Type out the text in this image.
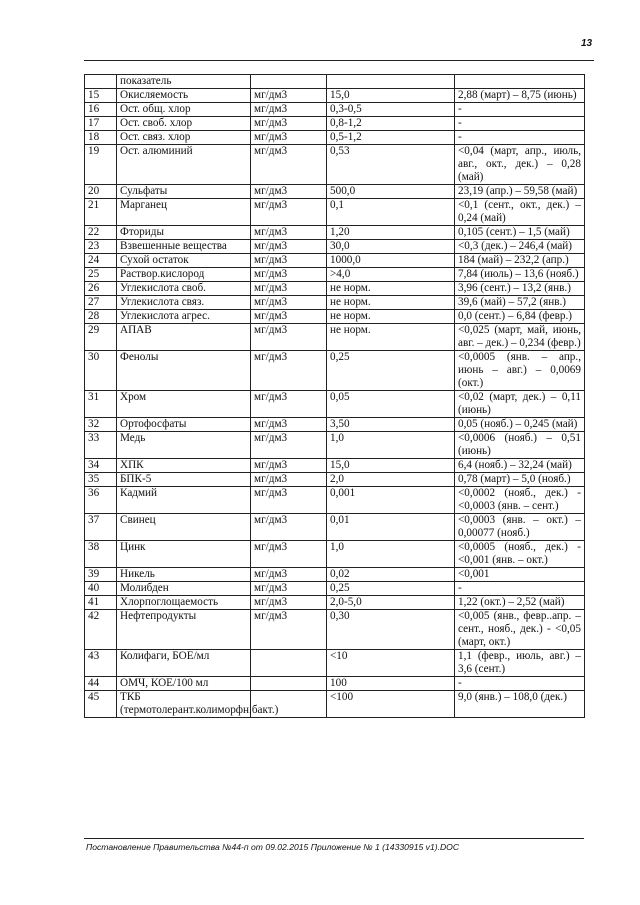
13
	показатель			
15	Окисляемость	мг/дм3	15,0	2,88 (март) – 8,75 (июнь)
16	Ост. общ. хлор	мг/дм3	0,3-0,5	-
17	Ост. своб. хлор	мг/дм3	0,8-1,2	-
18	Ост. связ. хлор	мг/дм3	0,5-1,2	-
19	Ост. алюминий	мг/дм3	0,53	<0,04 (март, апр., июль, авг., окт., дек.) – 0,28 (май)
20	Сульфаты	мг/дм3	500,0	23,19 (апр.) – 59,58 (май)
21	Марганец	мг/дм3	0,1	<0,1 (сент., окт., дек.) – 0,24 (май)
22	Фториды	мг/дм3	1,20	0,105 (сент.) – 1,5 (май)
23	Взвешенные вещества	мг/дм3	30,0	<0,3 (дек.) – 246,4 (май)
24	Сухой остаток	мг/дм3	1000,0	184 (май) – 232,2 (апр.)
25	Раствор.кислород	мг/дм3	>4,0	7,84 (июль) – 13,6 (нояб.)
26	Углекислота своб.	мг/дм3	не норм.	3,96 (сент.) – 13,2 (янв.)
27	Углекислота связ.	мг/дм3	не норм.	39,6 (май) – 57,2 (янв.)
28	Углекислота агрес.	мг/дм3	не норм.	0,0 (сент.) – 6,84 (февр.)
29	АПАВ	мг/дм3	не норм.	<0,025 (март, май, июнь, авг. – дек.) – 0,234 (февр.)
30	Фенолы	мг/дм3	0,25	<0,0005 (янв. – апр., июнь – авг.) – 0,0069 (окт.)
31	Хром	мг/дм3	0,05	<0,02 (март, дек.) – 0,11 (июнь)
32	Ортофосфаты	мг/дм3	3,50	0,05 (нояб.) – 0,245 (май)
33	Медь	мг/дм3	1,0	<0,0006 (нояб.) – 0,51 (июнь)
34	ХПК	мг/дм3	15,0	6,4 (нояб.) – 32,24 (май)
35	БПК-5	мг/дм3	2,0	0,78 (март) – 5,0 (нояб.)
36	Кадмий	мг/дм3	0,001	<0,0002 (нояб., дек.) - <0,0003 (янв. – сент.)
37	Свинец	мг/дм3	0,01	<0,0003 (янв. – окт.) – 0,00077 (нояб.)
38	Цинк	мг/дм3	1,0	<0,0005 (нояб., дек.) - <0,001 (янв. – окт.)
39	Никель	мг/дм3	0,02	<0,001
40	Молибден	мг/дм3	0,25	-
41	Хлорпоглощаемость	мг/дм3	2,0-5,0	1,22 (окт.) – 2,52 (май)
42	Нефтепродукты	мг/дм3	0,30	<0,005 (янв., февр..апр. – сент., нояб., дек.) - <0,05 (март, окт.)
43	Колифаги, БОЕ/мл		<10	1,1 (февр., июль, авг.) – 3,6 (сент.)
44	ОМЧ, КОЕ/100 мл		100	-
45	ТКБ (термотолерант.колиморфн.бакт.)		<100	9,0 (янв.) – 108,0 (дек.)
Постановление Правительства №44-п от 09.02.2015 Приложение № 1 (14330915 v1).DOC
